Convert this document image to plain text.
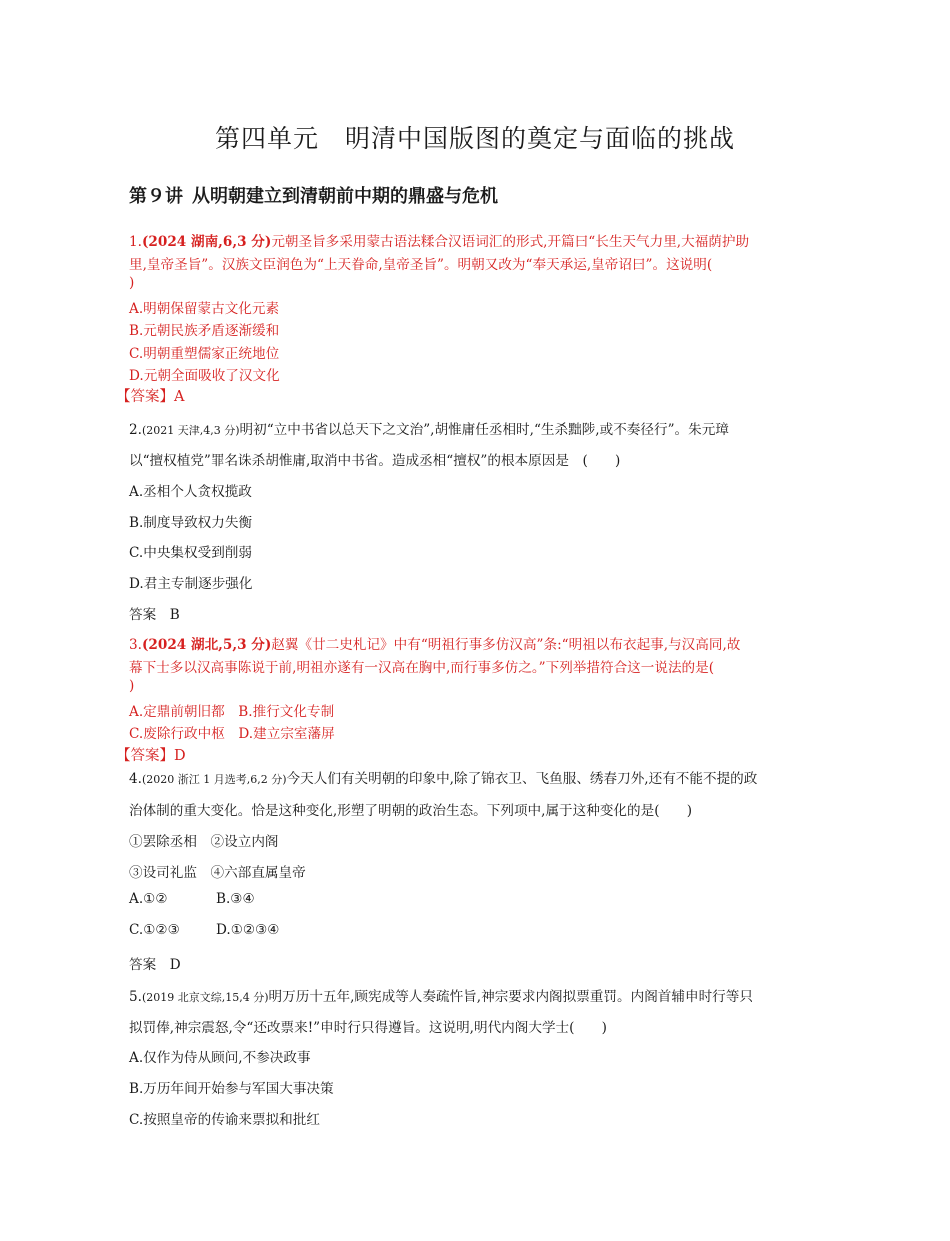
第四单元　明清中国版图的奠定与面临的挑战
第９讲 从明朝建立到清朝前中期的鼎盛与危机
1.(2024 湖南,6,3 分)元朝圣旨多采用蒙古语法糅合汉语词汇的形式,开篇曰“长生天气力里,大福荫护助
里,皇帝圣旨”。汉族文臣润色为“上天眷命,皇帝圣旨”。明朝又改为“奉天承运,皇帝诏曰”。这说明(
)
A.明朝保留蒙古文化元素
B.元朝民族矛盾逐渐缓和
C.明朝重塑儒家正统地位
D.元朝全面吸收了汉文化
【答案】A
2.(2021 天津,4,3 分)明初“立中书省以总天下之文治”,胡惟庸任丞相时,“生杀黜陟,或不奏径行”。朱元璋
以“擅权植党”罪名诛杀胡惟庸,取消中书省。造成丞相“擅权”的根本原因是 (　　)
A.丞相个人贪权揽政
B.制度导致权力失衡
C.中央集权受到削弱
D.君主专制逐步强化
答案 B
3.(2024 湖北,5,3 分)赵翼《廿二史札记》中有“明祖行事多仿汉高”条:“明祖以布衣起事,与汉高同,故
幕下士多以汉高事陈说于前,明祖亦遂有一汉高在胸中,而行事多仿之。”下列举措符合这一说法的是(
)
A.定鼎前朝旧都 B.推行文化专制
C.废除行政中枢 D.建立宗室藩屏
【答案】D
4.(2020 浙江 1 月选考,6,2 分)今天人们有关明朝的印象中,除了锦衣卫、飞鱼服、绣春刀外,还有不能不提的政
治体制的重大变化。恰是这种变化,形塑了明朝的政治生态。下列项中,属于这种变化的是(　　)
①罢除丞相 ②设立内阁
③设司礼监 ④六部直属皇帝
A.①②	B.③④
C.①②③	D.①②③④
答案 D
5.(2019 北京文综,15,4 分)明万历十五年,顾宪成等人奏疏忤旨,神宗要求内阁拟票重罚。内阁首辅申时行等只
拟罚俸,神宗震怒,令“还改票来!”申时行只得遵旨。这说明,明代内阁大学士(　　)
A.仅作为侍从顾问,不参决政事
B.万历年间开始参与军国大事决策
C.按照皇帝的传谕来票拟和批红
